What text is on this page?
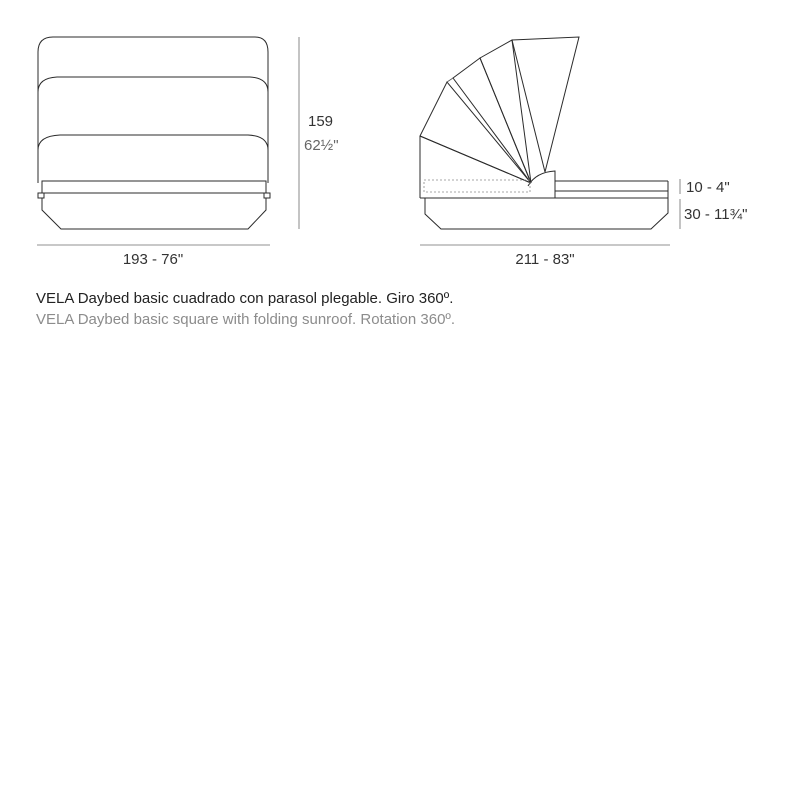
193 - 76"
159
62½"
211 - 83"
10 - 4"
30 - 11¾"
VELA Daybed basic cuadrado con parasol plegable. Giro 360º.
VELA Daybed basic square with folding sunroof. Rotation 360º.
